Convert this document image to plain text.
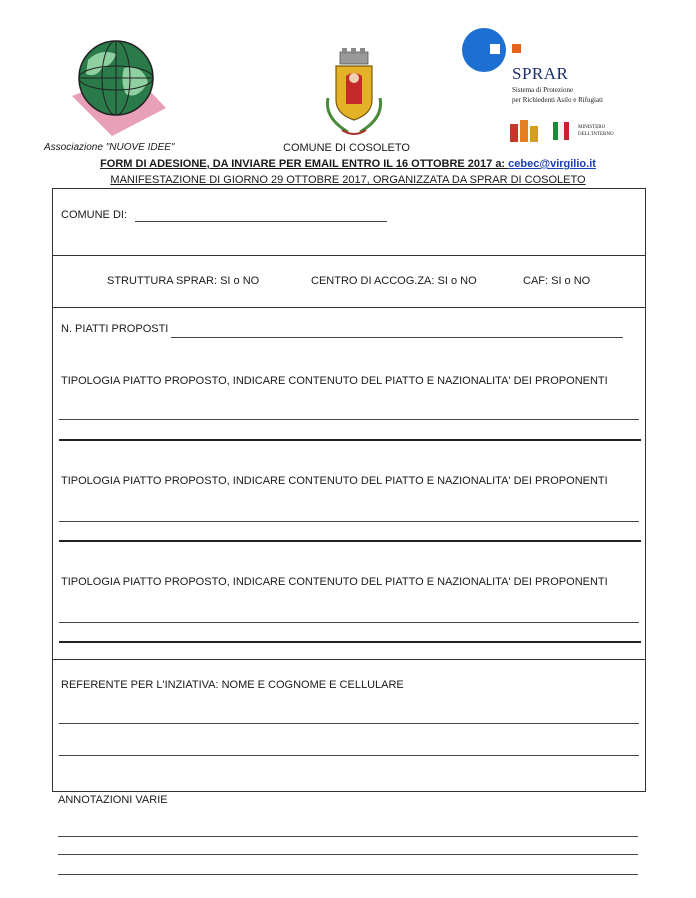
Associazione "NUOVE IDEE"	COMUNE DI COSOLETO
SPRAR
Sistema di Protezione
per Richiedenti Asilo e Rifugiati
MINISTERO
DELL'INTERNO
FORM DI ADESIONE, DA INVIARE PER EMAIL ENTRO IL 16 OTTOBRE 2017 a: cebec@virgilio.it
MANIFESTAZIONE DI GIORNO 29 OTTOBRE 2017, ORGANIZZATA DA SPRAR DI COSOLETO
COMUNE DI:
STRUTTURA SPRAR: SI o NO	CENTRO DI ACCOG.ZA: SI o NO	CAF: SI o NO
N. PIATTI PROPOSTI
TIPOLOGIA PIATTO PROPOSTO, INDICARE CONTENUTO DEL PIATTO E NAZIONALITA' DEI PROPONENTI
TIPOLOGIA PIATTO PROPOSTO, INDICARE CONTENUTO DEL PIATTO E NAZIONALITA' DEI PROPONENTI
TIPOLOGIA PIATTO PROPOSTO, INDICARE CONTENUTO DEL PIATTO E NAZIONALITA' DEI PROPONENTI
REFERENTE PER L'INZIATIVA: NOME E COGNOME E CELLULARE
ANNOTAZIONI VARIE
